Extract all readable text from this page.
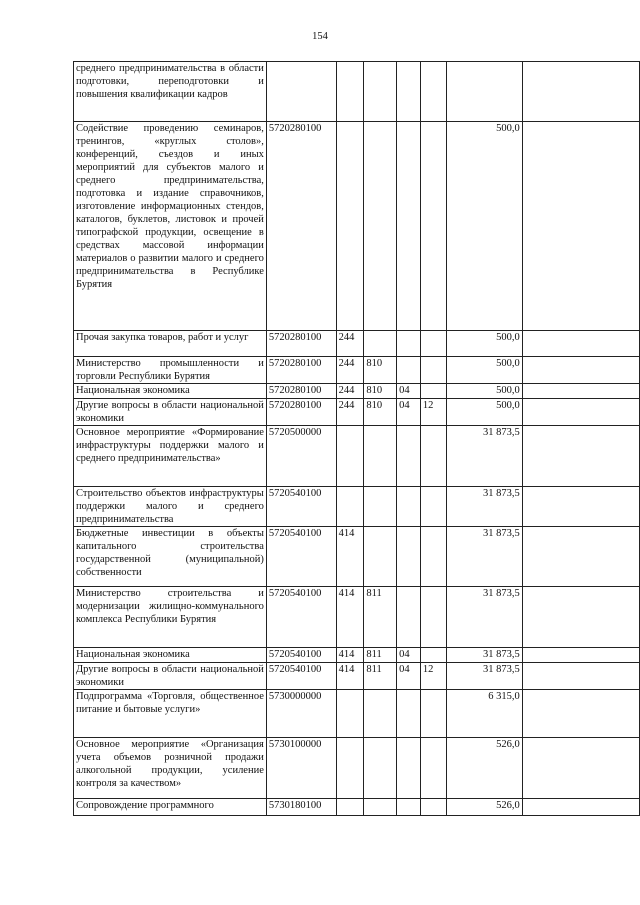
154
среднего предпринимательства в области подготовки, переподготовки и повышения квалификации кадров							
Содействие проведению семинаров, тренингов, «круглых столов», конференций, съездов и иных мероприятий для субъектов малого и среднего предпринимательства, подготовка и издание справочников, изготовление информационных стендов, каталогов, буклетов, листовок и прочей типографской продукции, освещение в средствах массовой информации материалов о развитии малого и среднего предпринимательства в Республике Бурятия	5720280100					500,0	
Прочая закупка товаров, работ и услуг	5720280100	244				500,0	
Министерство промышленности и торговли Республики Бурятия	5720280100	244	810			500,0	
Национальная экономика	5720280100	244	810	04		500,0	
Другие вопросы в области национальной экономики	5720280100	244	810	04	12	500,0	
Основное мероприятие «Формирование инфраструктуры поддержки малого и среднего предпринимательства»	5720500000					31 873,5	
Строительство объектов инфраструктуры поддержки малого и среднего предпринимательства	5720540100					31 873,5	
Бюджетные инвестиции в объекты капитального строительства государственной (муниципальной) собственности	5720540100	414				31 873,5	
Министерство строительства и модернизации жилищно-коммунального комплекса Республики Бурятия	5720540100	414	811			31 873,5	
Национальная экономика	5720540100	414	811	04		31 873,5	
Другие вопросы в области национальной экономики	5720540100	414	811	04	12	31 873,5	
Подпрограмма «Торговля, общественное питание и бытовые услуги»	5730000000					6 315,0	
Основное мероприятие «Организация учета объемов розничной продажи алкогольной продукции, усиление контроля за качеством»	5730100000					526,0	
Сопровождение программного	5730180100					526,0	
